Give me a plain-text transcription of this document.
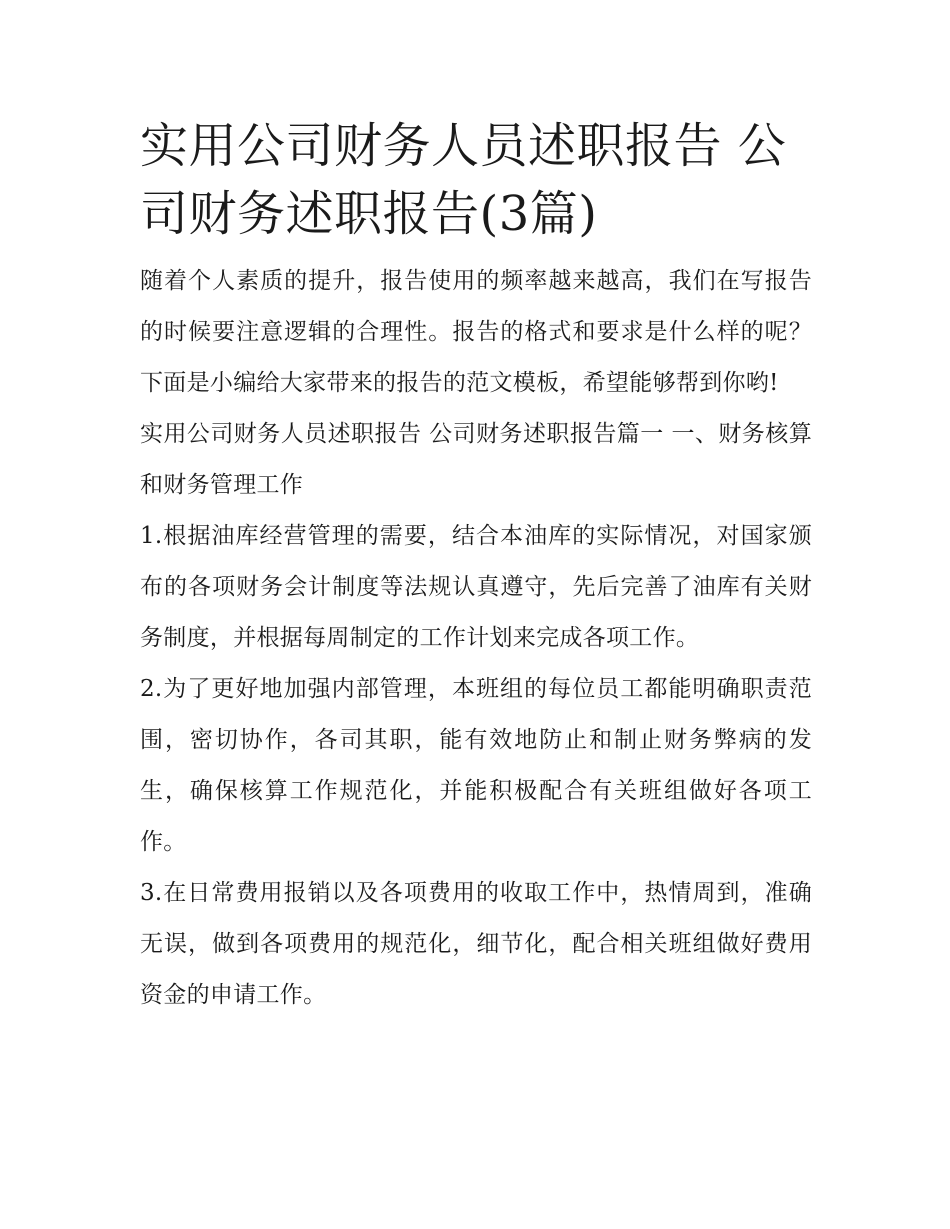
实用公司财务人员述职报告 公司财务述职报告(3篇)

随着个人素质的提升，报告使用的频率越来越高，我们在写报告的时候要注意逻辑的合理性。报告的格式和要求是什么样的呢？下面是小编给大家带来的报告的范文模板，希望能够帮到你哟!

实用公司财务人员述职报告 公司财务述职报告篇一 一、财务核算和财务管理工作

1.根据油库经营管理的需要，结合本油库的实际情况，对国家颁布的各项财务会计制度等法规认真遵守，先后完善了油库有关财务制度，并根据每周制定的工作计划来完成各项工作。

2.为了更好地加强内部管理，本班组的每位员工都能明确职责范围，密切协作，各司其职，能有效地防止和制止财务弊病的发生，确保核算工作规范化，并能积极配合有关班组做好各项工作。

3.在日常费用报销以及各项费用的收取工作中，热情周到，准确无误，做到各项费用的规范化，细节化，配合相关班组做好费用资金的申请工作。
